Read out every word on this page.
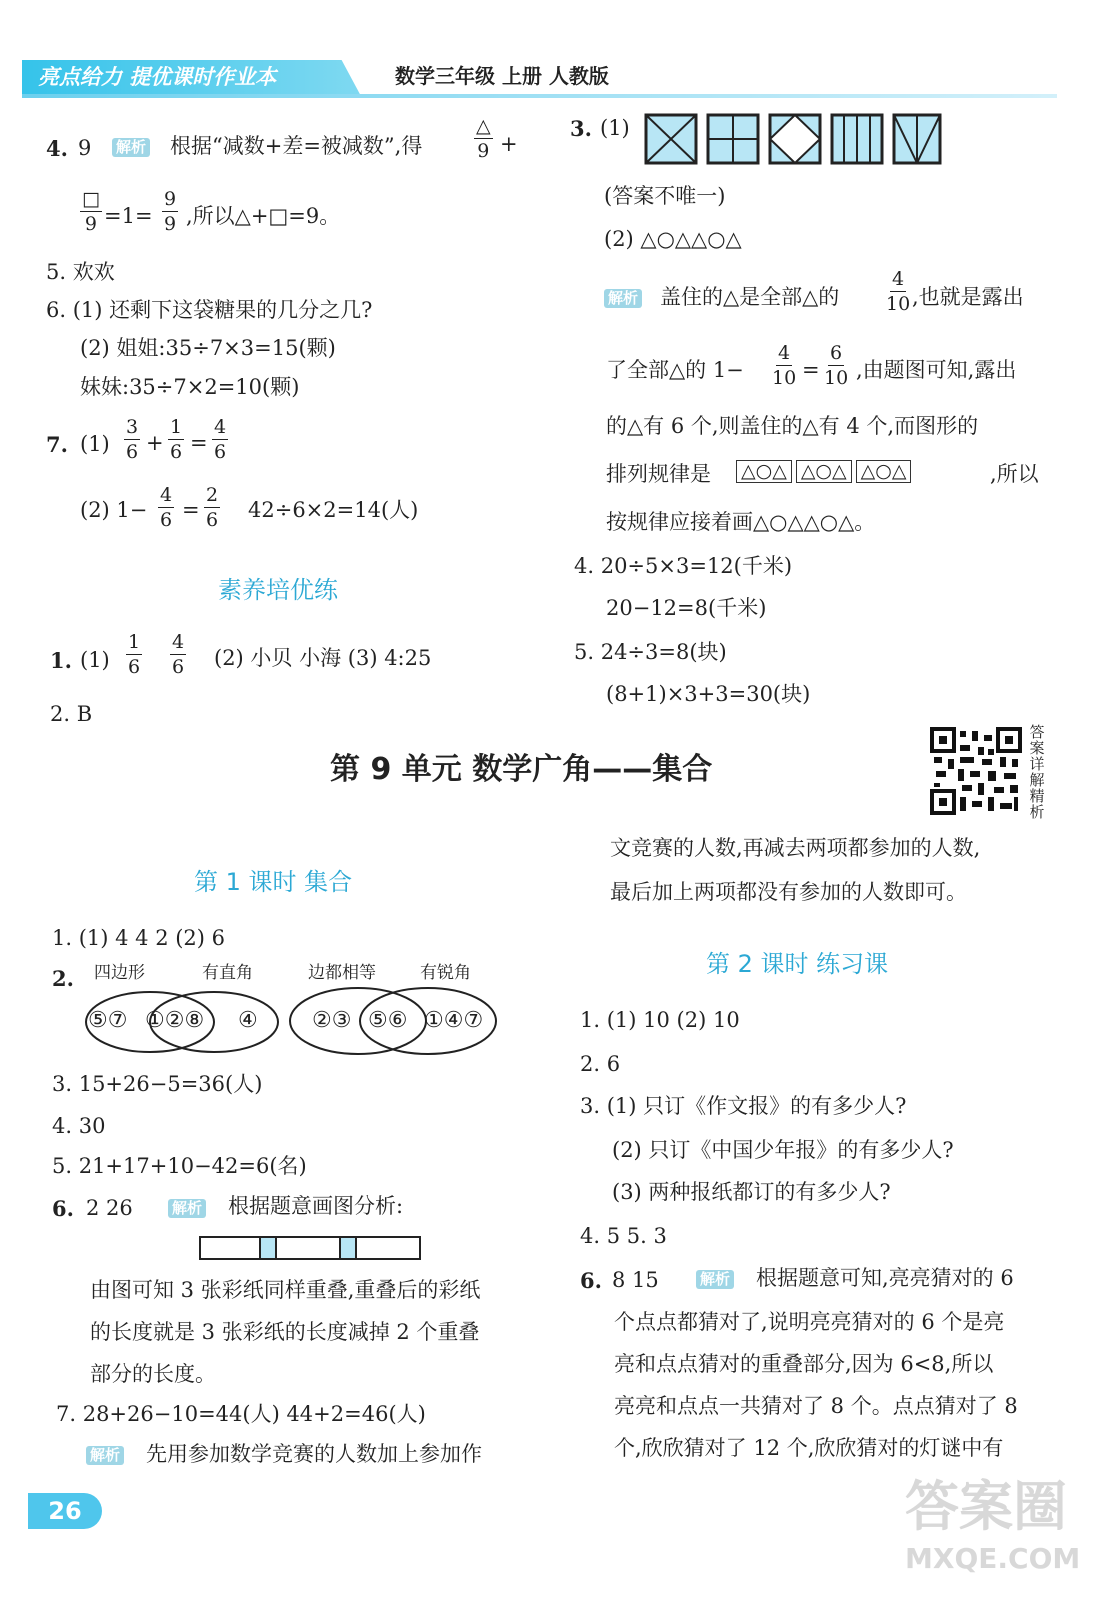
亮点给力 提优课时作业本	数学三年级 上册 人教版
4. 9 解析 根据“减数+差=被减数”,得	$\frac{\triangle}{9}$ +
$\frac{□}{9} =1= \frac{9}{9}$ ,所以△+□=9。
5. 欢欢
6. (1) 还剩下这袋糖果的几分之几?
(2) 姐姐:35÷7×3=15(颗)
妹妹:35÷7×2=10(颗)
7. $(1) \frac{3}{6} + \frac{1}{6} = \frac{4}{6}$
(2) $1- \frac{4}{6} = \frac{2}{6} 42\div 6\times 2=14$(人)
素养培优练
1. $(1) \frac{1}{6} \frac{4}{6} (2)$ 小贝 小海 (3) 4:25
2. B
3. (1)
(答案不唯一)
(2) △○△△○△
解析 盖住的△是全部△的 $\frac{4}{10}$ ,也就是露出
了全部△的 $1- \frac{4}{10} = \frac{6}{10}$ ,由题图可知,露出
的△有 6 个,则盖住的△有 4 个,而图形的
排列规律是	△○△ △○△ △○△	,所以
按规律应接着画△○△△○△。
4. 20÷5×3=12(千米)
20−12=8(千米)
5. 24÷3=8(块)
(8+1)×3+3=30(块)
第 9 单元 数学广角——集合
答案详解精析
第 1 课时 集合
1. (1) 4 4 2 (2) 6
2. 四边形	有直角
⑤⑦ ①②⑧ ④
边都相等	有锐角
②③ ⑤⑥ ①④⑦
3. 15+26−5=36(人)
4. 30
5. 21+17+10−42=6(名)
6. 2 26	解析 根据题意画图分析:
由图可知 3 张彩纸同样重叠,重叠后的彩纸
的长度就是 3 张彩纸的长度减掉 2 个重叠
部分的长度。
7. 28+26−10=44(人) 44+2=46(人)
解析 先用参加数学竞赛的人数加上参加作
文竞赛的人数,再减去两项都参加的人数,
最后加上两项都没有参加的人数即可。
第 2 课时 练习课
1. (1) 10 (2) 10
2. 6
3. (1) 只订《作文报》的有多少人?
(2) 只订《中国少年报》的有多少人?
(3) 两种报纸都订的有多少人?
4. 5 5. 3
6. 8 15	解析 根据题意可知,亮亮猜对的 6
个点点都猜对了,说明亮亮猜对的 6 个是亮
亮和点点猜对的重叠部分,因为 6<8,所以
亮亮和点点一共猜对了 8 个。点点猜对了 8
个,欣欣猜对了 12 个,欣欣猜对的灯谜中有
26	答案圈
MXQE.COM
